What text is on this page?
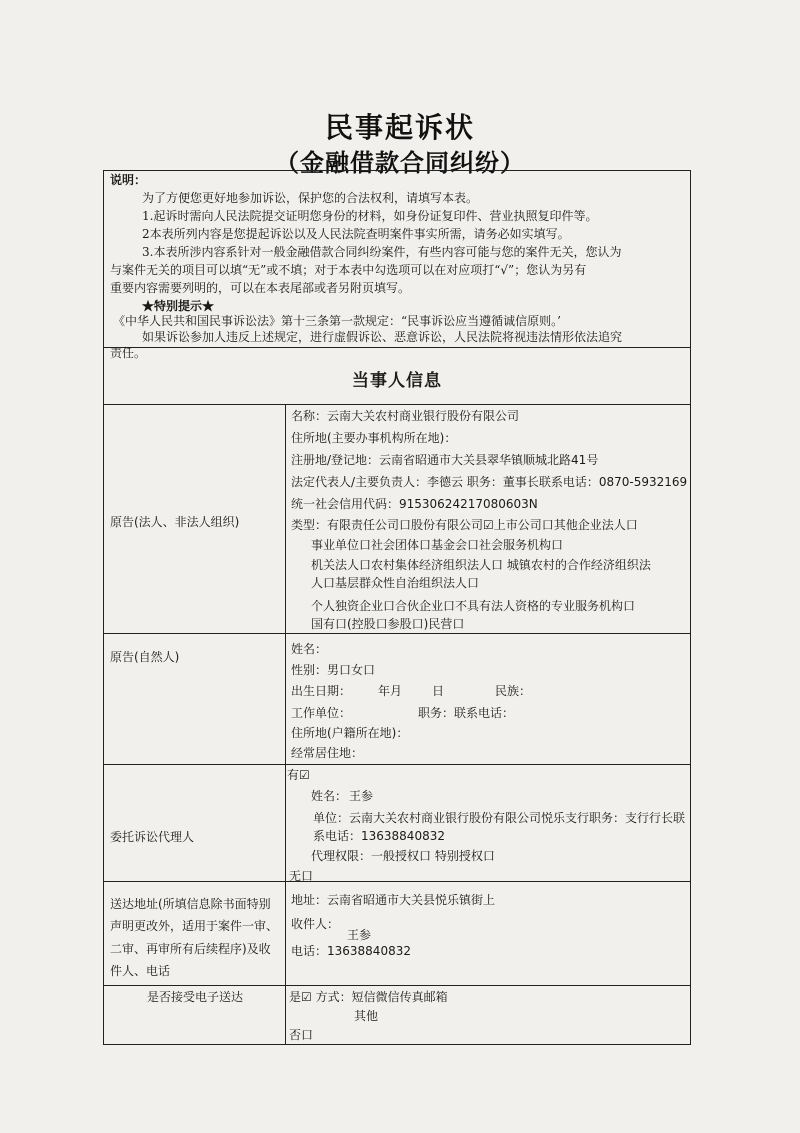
民事起诉状
（金融借款合同纠纷）
说明：
为了方便您更好地参加诉讼，保护您的合法权利，请填写本表。
1.起诉时需向人民法院提交证明您身份的材料，如身份证复印件、营业执照复印件等。
2本表所列内容是您提起诉讼以及人民法院查明案件事实所需，请务必如实填写。
3.本表所涉内容系针对一般金融借款合同纠纷案件，有些内容可能与您的案件无关，您认为
与案件无关的项目可以填“无”或不填；对于本表中勾选项可以在对应项打“√”；您认为另有
重要内容需要列明的，可以在本表尾部或者另附页填写。
★特别提示★
《中华人民共和国民事诉讼法》第十三条第一款规定：“民事诉讼应当遵循诚信原则。’
如果诉讼参加人违反上述规定，进行虚假诉讼、恶意诉讼，人民法院将视违法情形依法追究
责任。
当事人信息
原告(法人、非法人组织)
名称：云南大关农村商业银行股份有限公司
住所地(主要办事机构所在地)：
注册地/登记地：云南省昭通市大关县翠华镇顺城北路41号
法定代表人/主要负责人：李德云 职务：董事长联系电话：0870-5932169
统一社会信用代码：91530624217080603N
类型：有限责任公司口股份有限公司☑上市公司口其他企业法人口
事业单位口社会团体口基金会口社会服务机构口
机关法人口农村集体经济组织法人口 城镇农村的合作经济组织法
人口基层群众性自治组织法人口
个人独资企业口合伙企业口不具有法人资格的专业服务机构口
国有口(控股口参股口)民营口
原告(自然人)
姓名：
性别：男口女口
出生日期： 年月 日	民族：
工作单位：	职务：联系电话：
住所地(户籍所在地)：
经常居住地：
委托诉讼代理人
有☑
姓名： 王参
单位：云南大关农村商业银行股份有限公司悦乐支行职务：支行行长联
系电话：13638840832
代理权限：一般授权口 特别授权口
无口
送达地址(所填信息除书面特别
声明更改外，适用于案件一审、
二审、再审所有后续程序)及收
件人、电话
地址：云南省昭通市大关县悦乐镇街上
收件人：
王参
电话：13638840832
是否接受电子送达	是☑ 方式：短信微信传真邮箱
其他
否口
